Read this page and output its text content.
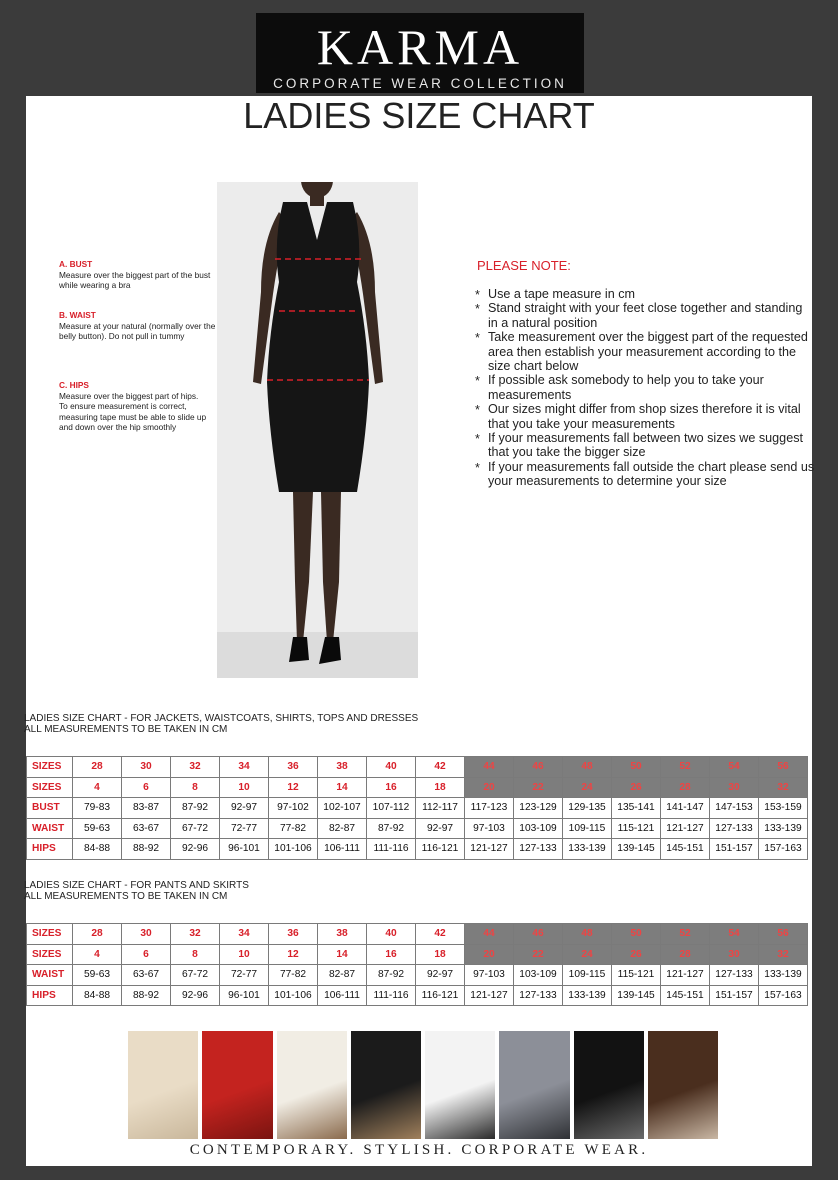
KARMA
CORPORATE WEAR COLLECTION
LADIES SIZE CHART
A. BUST
Measure over the biggest part of the bust while wearing a bra
B. WAIST
Measure at your natural (normally over the belly button). Do not pull in tummy
C. HIPS
Measure over the biggest part of hips. To ensure measurement is correct, measuring tape must be able to slide up and down over the hip smoothly
PLEASE NOTE:
* Use a tape measure in cm
* Stand straight with your feet close together and standing in a natural position
* Take measurement over the biggest part of the requested area then establish your measurement according to the size chart below
* If possible ask somebody to help you to take your measurements
* Our sizes might differ from shop sizes therefore it is vital that you take your measurements
* If your measurements fall between two sizes we suggest that you take the bigger size
* If your measurements fall outside the chart please send us your measurements to determine your size
LADIES SIZE CHART - FOR JACKETS, WAISTCOATS, SHIRTS, TOPS AND DRESSES
ALL MEASUREMENTS TO BE TAKEN IN CM
SIZES	28	30	32	34	36	38	40	42	44	46	48	50	52	54	56
SIZES	4	6	8	10	12	14	16	18	20	22	24	26	28	30	32
BUST	79-83	83-87	87-92	92-97	97-102	102-107	107-112	112-117	117-123	123-129	129-135	135-141	141-147	147-153	153-159
WAIST	59-63	63-67	67-72	72-77	77-82	82-87	87-92	92-97	97-103	103-109	109-115	115-121	121-127	127-133	133-139
HIPS	84-88	88-92	92-96	96-101	101-106	106-111	111-116	116-121	121-127	127-133	133-139	139-145	145-151	151-157	157-163
LADIES SIZE CHART - FOR PANTS AND SKIRTS
ALL MEASUREMENTS TO BE TAKEN IN CM
SIZES	28	30	32	34	36	38	40	42	44	46	48	50	52	54	56
SIZES	4	6	8	10	12	14	16	18	20	22	24	26	28	30	32
WAIST	59-63	63-67	67-72	72-77	77-82	82-87	87-92	92-97	97-103	103-109	109-115	115-121	121-127	127-133	133-139
HIPS	84-88	88-92	92-96	96-101	101-106	106-111	111-116	116-121	121-127	127-133	133-139	139-145	145-151	151-157	157-163
CONTEMPORARY. STYLISH. CORPORATE WEAR.
